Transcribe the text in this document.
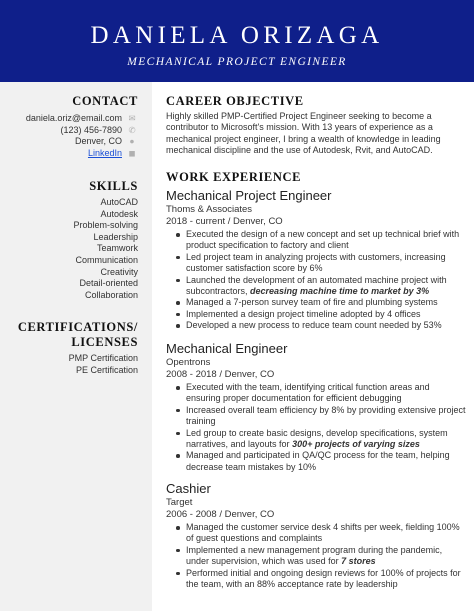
DANIELA ORIZAGA
MECHANICAL PROJECT ENGINEER
CONTACT
daniela.oriz@email.com ✉
(123) 456-7890 ✆
Denver, CO ●
LinkedIn ◼
SKILLS
AutoCAD
Autodesk
Problem-solving
Leadership
Teamwork
Communication
Creativity
Detail-oriented
Collaboration
CERTIFICATIONS/
LICENSES
PMP Certification
PE Certification
CAREER OBJECTIVE
Highly skilled PMP-Certified Project Engineer seeking to become a contributor to Microsoft's mission. With 13 years of experience as a mechanical project engineer, I bring a wealth of knowledge in leading mechanical discipline and the use of Autodesk, Rvit, and AutoCAD.
WORK EXPERIENCE
Mechanical Project Engineer
Thoms & Associates
2018 - current / Denver, CO
Executed the design of a new concept and set up technical brief with product specification to factory and client
Led project team in analyzing projects with customers, increasing customer satisfaction score by 6%
Launched the development of an automated machine project with subcontractors, decreasing machine time to market by 3%
Managed a 7-person survey team of fire and plumbing systems
Implemented a design project timeline adopted by 4 offices
Developed a new process to reduce team count needed by 53%
Mechanical Engineer
Opentrons
2008 - 2018 / Denver, CO
Executed with the team, identifying critical function areas and ensuring proper documentation for efficient debugging
Increased overall team efficiency by 8% by providing extensive project training
Led group to create basic designs, develop specifications, system narratives, and layouts for 300+ projects of varying sizes
Managed and participated in QA/QC process for the team, helping decrease team mistakes by 10%
Cashier
Target
2006 - 2008 / Denver, CO
Managed the customer service desk 4 shifts per week, fielding 100% of guest questions and complaints
Implemented a new management program during the pandemic, under supervision, which was used for 7 stores
Performed initial and ongoing design reviews for 100% of projects for the team, with an 88% acceptance rate by leadership
